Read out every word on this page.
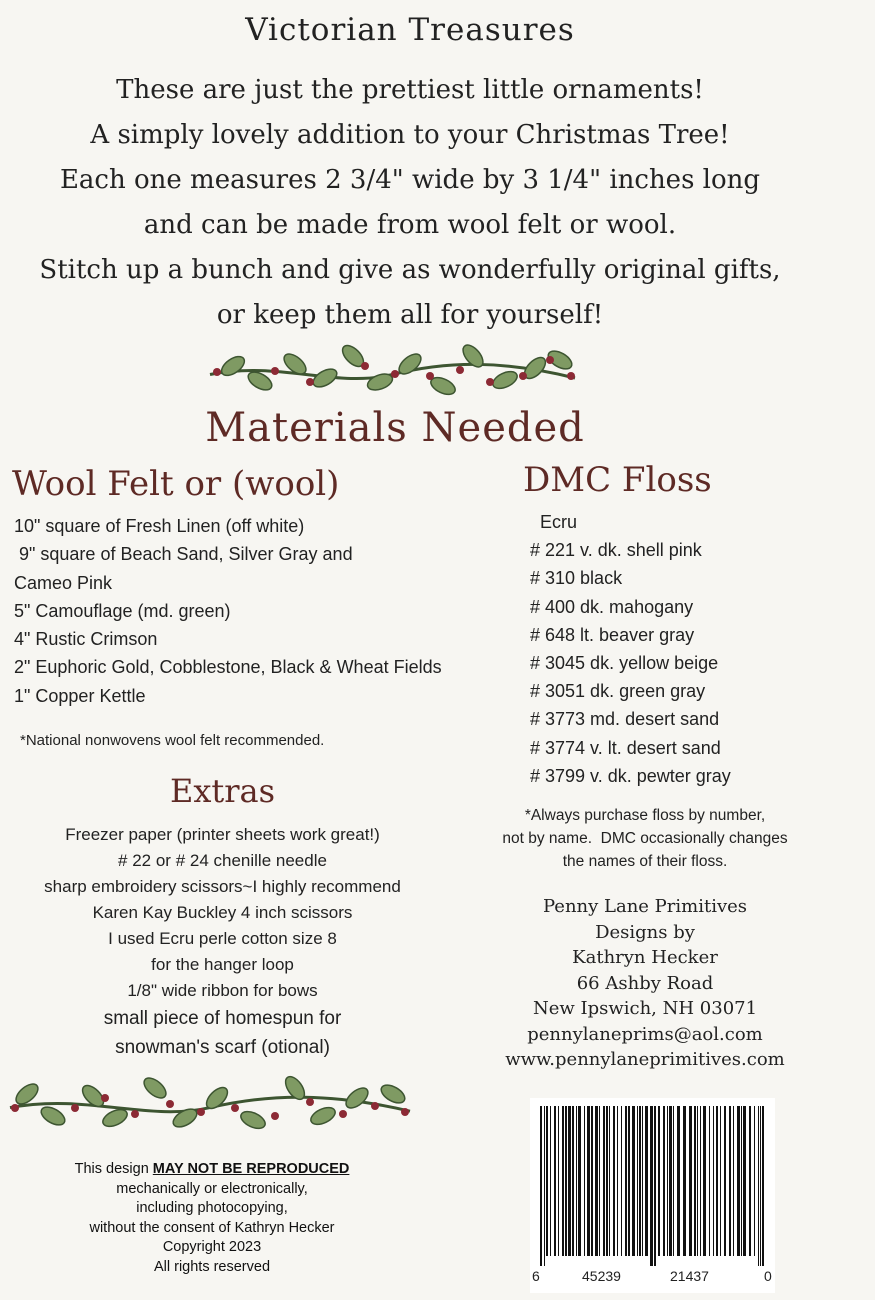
Victorian Treasures
These are just the prettiest little ornaments!
A simply lovely addition to your Christmas Tree!
Each one measures 2 3/4" wide by 3 1/4" inches long
and can be made from wool felt or wool.
Stitch up a bunch and give as wonderfully original gifts,
or keep them all for yourself!
Materials Needed
Wool Felt or (wool)
10" square of Fresh Linen (off white)
9" square of Beach Sand, Silver Gray and
Cameo Pink
5" Camouflage (md. green)
4" Rustic Crimson
2" Euphoric Gold, Cobblestone, Black & Wheat Fields
1" Copper Kettle
*National nonwovens wool felt recommended.
Extras
Freezer paper (printer sheets work great!)
# 22 or # 24 chenille needle
sharp embroidery scissors~I highly recommend
Karen Kay Buckley 4 inch scissors
I used Ecru perle cotton size 8
for the hanger loop
1/8" wide ribbon for bows
small piece of homespun for
snowman's scarf (otional)
DMC Floss
Ecru
# 221 v. dk. shell pink
# 310 black
# 400 dk. mahogany
# 648 lt. beaver gray
# 3045 dk. yellow beige
# 3051 dk. green gray
# 3773 md. desert sand
# 3774 v. lt. desert sand
# 3799 v. dk. pewter gray
*Always purchase floss by number,
not by name.  DMC occasionally changes
the names of their floss.
Penny Lane Primitives
Designs by
Kathryn Hecker
66 Ashby Road
New Ipswich, NH 03071
pennylaneprims@aol.com
www.pennylaneprimitives.com
This design MAY NOT BE REPRODUCED
mechanically or electronically,
including photocopying,
without the consent of Kathryn Hecker
Copyright 2023
All rights reserved
6	45239	21437	0
